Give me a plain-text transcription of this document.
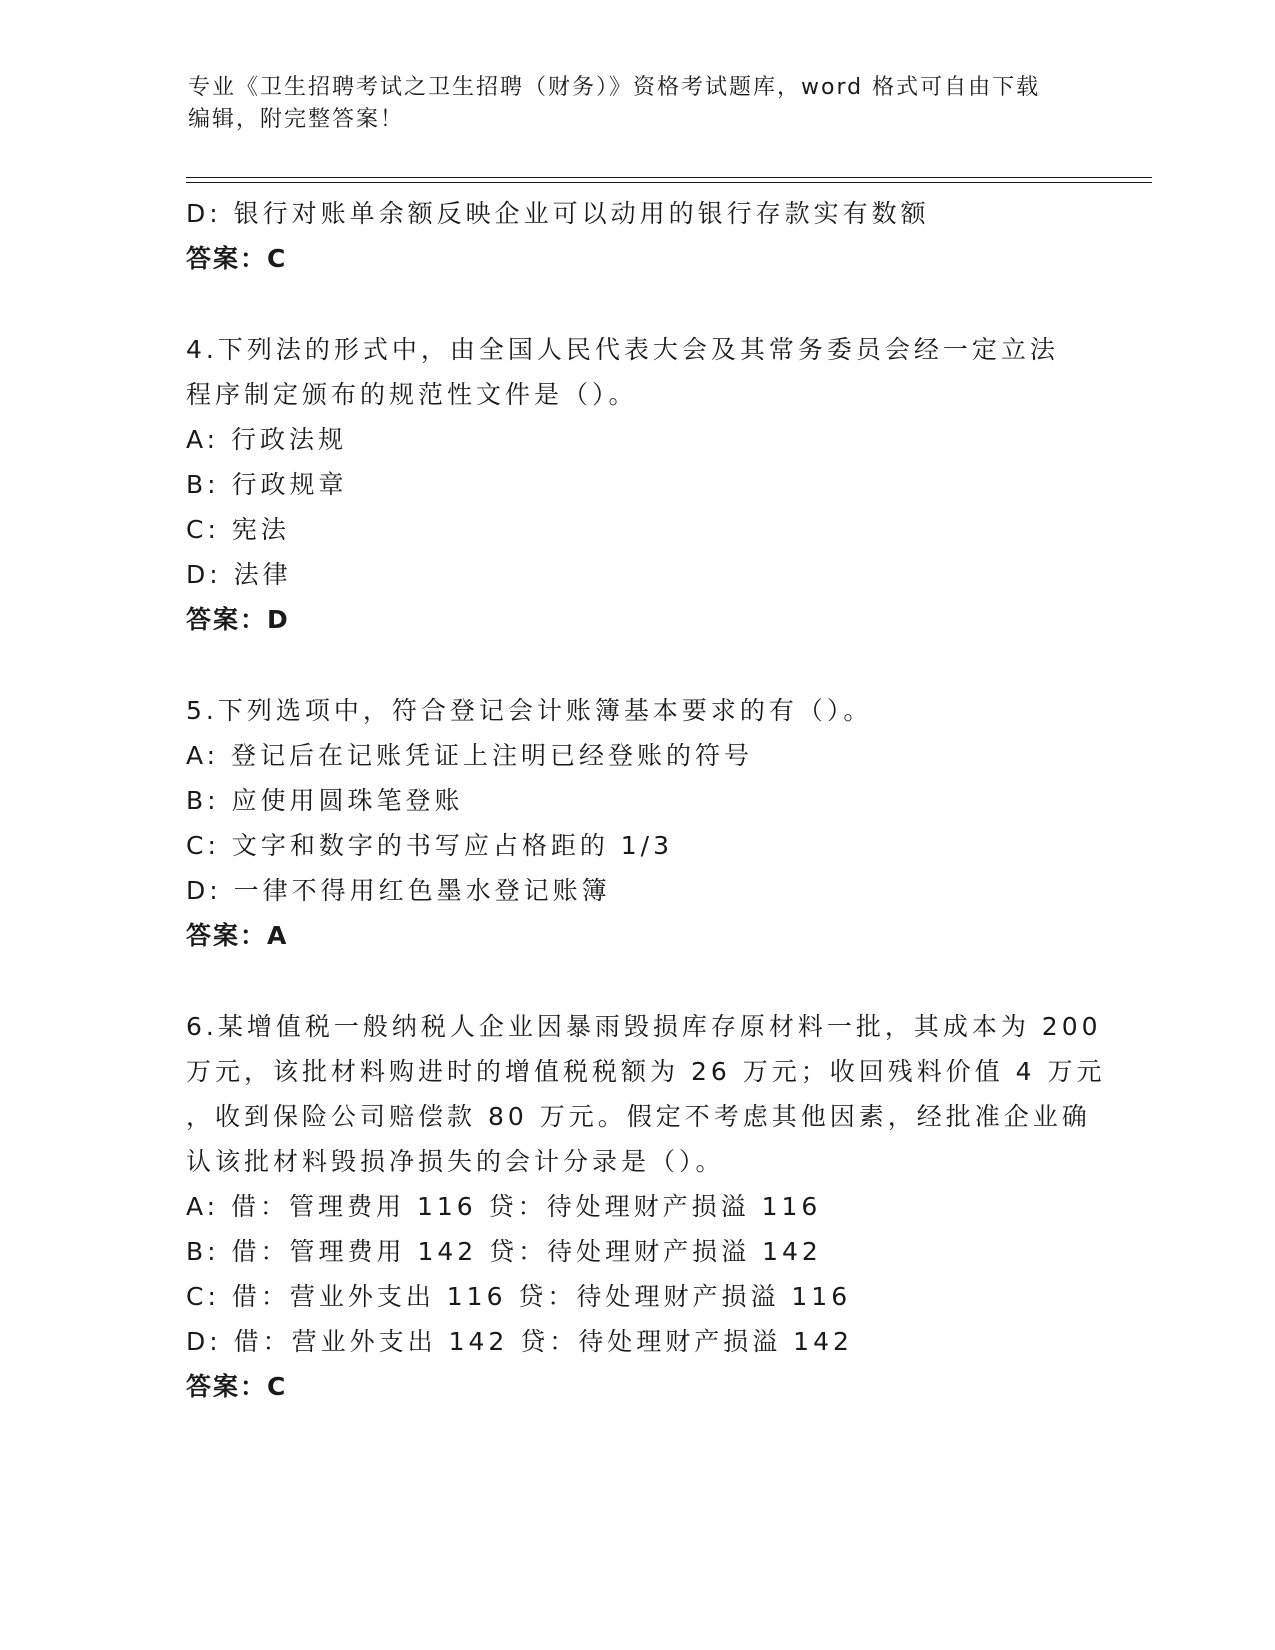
专业《卫生招聘考试之卫生招聘（财务）》资格考试题库，word 格式可自由下载
编辑，附完整答案！
D: 银行对账单余额反映企业可以动用的银行存款实有数额
答案：C
4.下列法的形式中，由全国人民代表大会及其常务委员会经一定立法
程序制定颁布的规范性文件是（）。
A: 行政法规
B: 行政规章
C: 宪法
D: 法律
答案：D
5.下列选项中，符合登记会计账簿基本要求的有（）。
A: 登记后在记账凭证上注明已经登账的符号
B: 应使用圆珠笔登账
C: 文字和数字的书写应占格距的 1/3
D: 一律不得用红色墨水登记账簿
答案：A
6.某增值税一般纳税人企业因暴雨毁损库存原材料一批，其成本为 200
万元，该批材料购进时的增值税税额为 26 万元；收回残料价值 4 万元
，收到保险公司赔偿款 80 万元。假定不考虑其他因素，经批准企业确
认该批材料毁损净损失的会计分录是（）。
A: 借：管理费用 116 贷：待处理财产损溢 116
B: 借：管理费用 142 贷：待处理财产损溢 142
C: 借：营业外支出 116 贷：待处理财产损溢 116
D: 借：营业外支出 142 贷：待处理财产损溢 142
答案：C
